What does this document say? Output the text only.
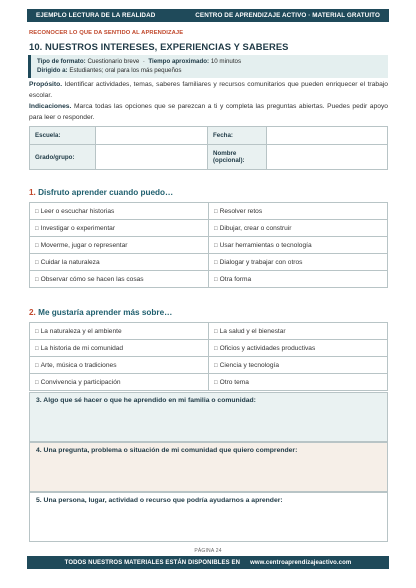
EJEMPLO LECTURA DE LA REALIDAD	CENTRO DE APRENDIZAJE ACTIVO · MATERIAL GRATUITO
RECONOCER LO QUE DA SENTIDO AL APRENDIZAJE
10. NUESTROS INTERESES, EXPERIENCIAS Y SABERES
Tipo de formato: Cuestionario breve  ·  Tiempo aproximado: 10 minutos
Dirigido a: Estudiantes; oral para los más pequeños
Propósito. Identificar actividades, temas, saberes familiares y recursos comunitarios que pueden enriquecer el trabajo escolar.
Indicaciones. Marca todas las opciones que se parezcan a ti y completa las preguntas abiertas. Puedes pedir apoyo para leer o responder.
Escuela:		Fecha:	
Grado/grupo:		Nombre (opcional):	
1. Disfruto aprender cuando puedo…
□ Leer o escuchar historias	□ Resolver retos
□ Investigar o experimentar	□ Dibujar, crear o construir
□ Moverme, jugar o representar	□ Usar herramientas o tecnología
□ Cuidar la naturaleza	□ Dialogar y trabajar con otros
□ Observar cómo se hacen las cosas	□ Otra forma
2. Me gustaría aprender más sobre…
□ La naturaleza y el ambiente	□ La salud y el bienestar
□ La historia de mi comunidad	□ Oficios y actividades productivas
□ Arte, música o tradiciones	□ Ciencia y tecnología
□ Convivencia y participación	□ Otro tema
3. Algo que sé hacer o que he aprendido en mi familia o comunidad:
4. Una pregunta, problema o situación de mi comunidad que quiero comprender:
5. Una persona, lugar, actividad o recurso que podría ayudarnos a aprender:
PÁGINA 24
TODOS NUESTROS MATERIALES ESTÁN DISPONIBLES EN www.centroaprendizajeactivo.com
